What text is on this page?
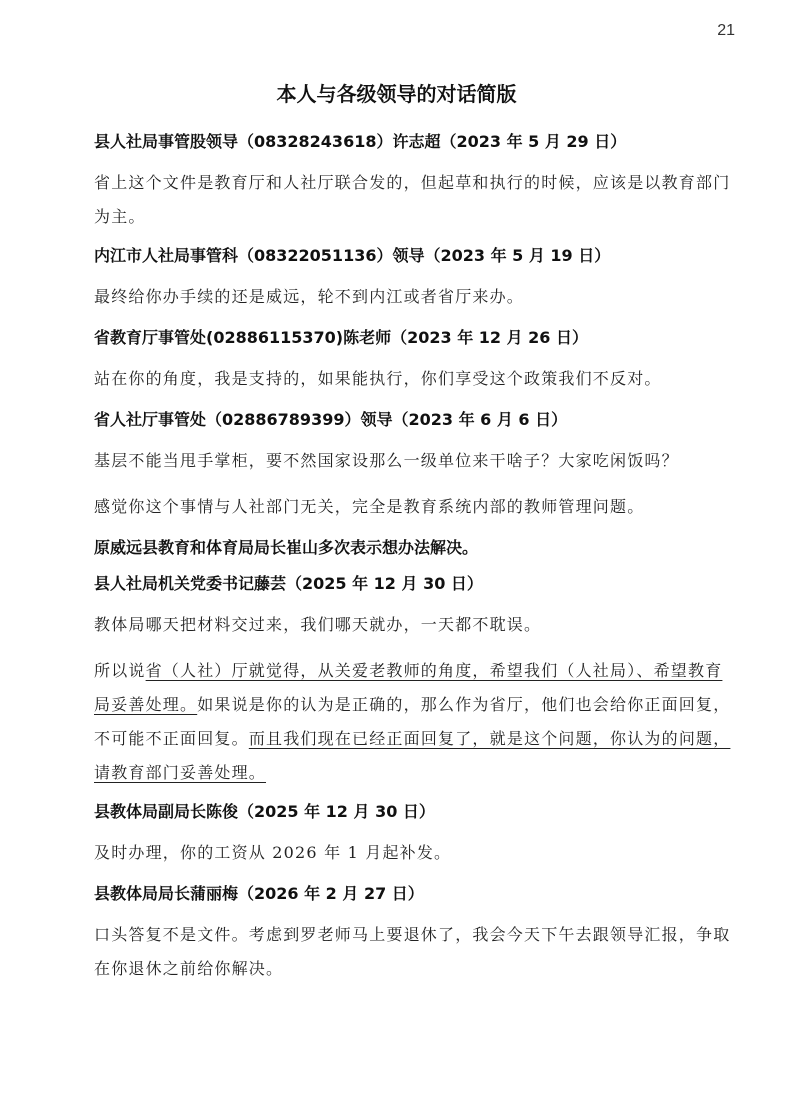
21
本人与各级领导的对话简版
县人社局事管股领导（08328243618）许志超（2023 年 5 月 29 日）

省上这个文件是教育厅和人社厅联合发的，但起草和执行的时候，应该是以教育部门为主。

内江市人社局事管科（08322051136）领导（2023 年 5 月 19 日）

最终给你办手续的还是威远，轮不到内江或者省厅来办。

省教育厅事管处(02886115370)陈老师（2023 年 12 月 26 日）

站在你的角度，我是支持的，如果能执行，你们享受这个政策我们不反对。

省人社厅事管处（02886789399）领导（2023 年 6 月 6 日）

基层不能当甩手掌柜，要不然国家设那么一级单位来干啥子？大家吃闲饭吗？

感觉你这个事情与人社部门无关，完全是教育系统内部的教师管理问题。

原威远县教育和体育局局长崔山多次表示想办法解决。
县人社局机关党委书记藤芸（2025 年 12 月 30 日）

教体局哪天把材料交过来，我们哪天就办，一天都不耽误。

所以说省（人社）厅就觉得，从关爱老教师的角度，希望我们（人社局）、希望教育局妥善处理。如果说是你的认为是正确的，那么作为省厅，他们也会给你正面回复，不可能不正面回复。而且我们现在已经正面回复了，就是这个问题，你认为的问题，请教育部门妥善处理。

县教体局副局长陈俊（2025 年 12 月 30 日）

及时办理，你的工资从 2026 年 1 月起补发。

县教体局局长蒲丽梅（2026 年 2 月 27 日）

口头答复不是文件。考虑到罗老师马上要退休了，我会今天下午去跟领导汇报，争取在你退休之前给你解决。
